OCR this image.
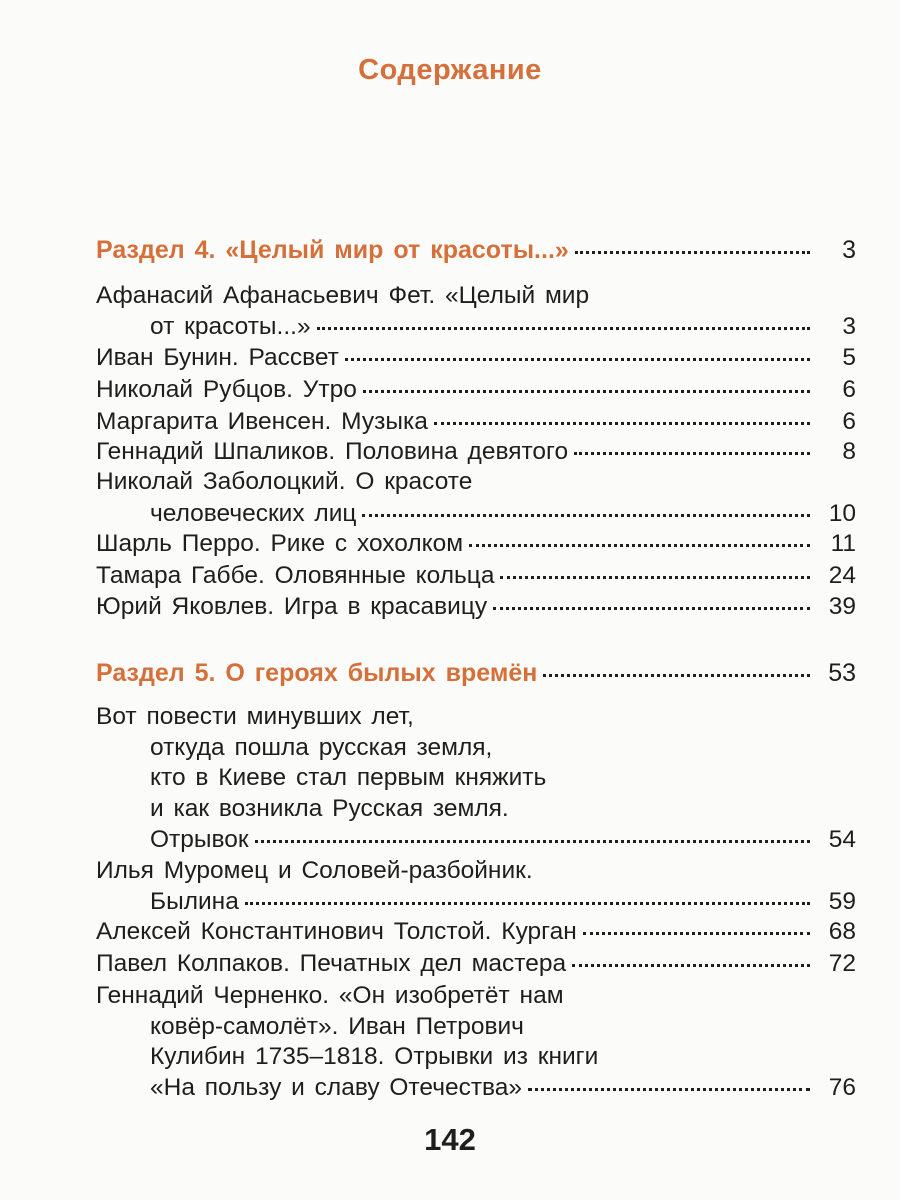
Содержание
Раздел 4. «Целый мир от красоты...»	3
Афанасий Афанасьевич Фет. «Целый мир
от красоты...»	3
Иван Бунин. Рассвет	5
Николай Рубцов. Утро	6
Маргарита Ивенсен. Музыка	6
Геннадий Шпаликов. Половина девятого	8
Николай Заболоцкий. О красоте
человеческих лиц	10
Шарль Перро. Рике с хохолком	11
Тамара Габбе. Оловянные кольца	24
Юрий Яковлев. Игра в красавицу	39
Раздел 5. О героях былых времён	53
Вот повести минувших лет,
откуда пошла русская земля,
кто в Киеве стал первым княжить
и как возникла Русская земля.
Отрывок	54
Илья Муромец и Соловей-разбойник.
Былина	59
Алексей Константинович Толстой. Курган	68
Павел Колпаков. Печатных дел мастера	72
Геннадий Черненко. «Он изобретёт нам
ковёр-самолёт». Иван Петрович
Кулибин 1735–1818. Отрывки из книги
«На пользу и славу Отечества»	76
142
